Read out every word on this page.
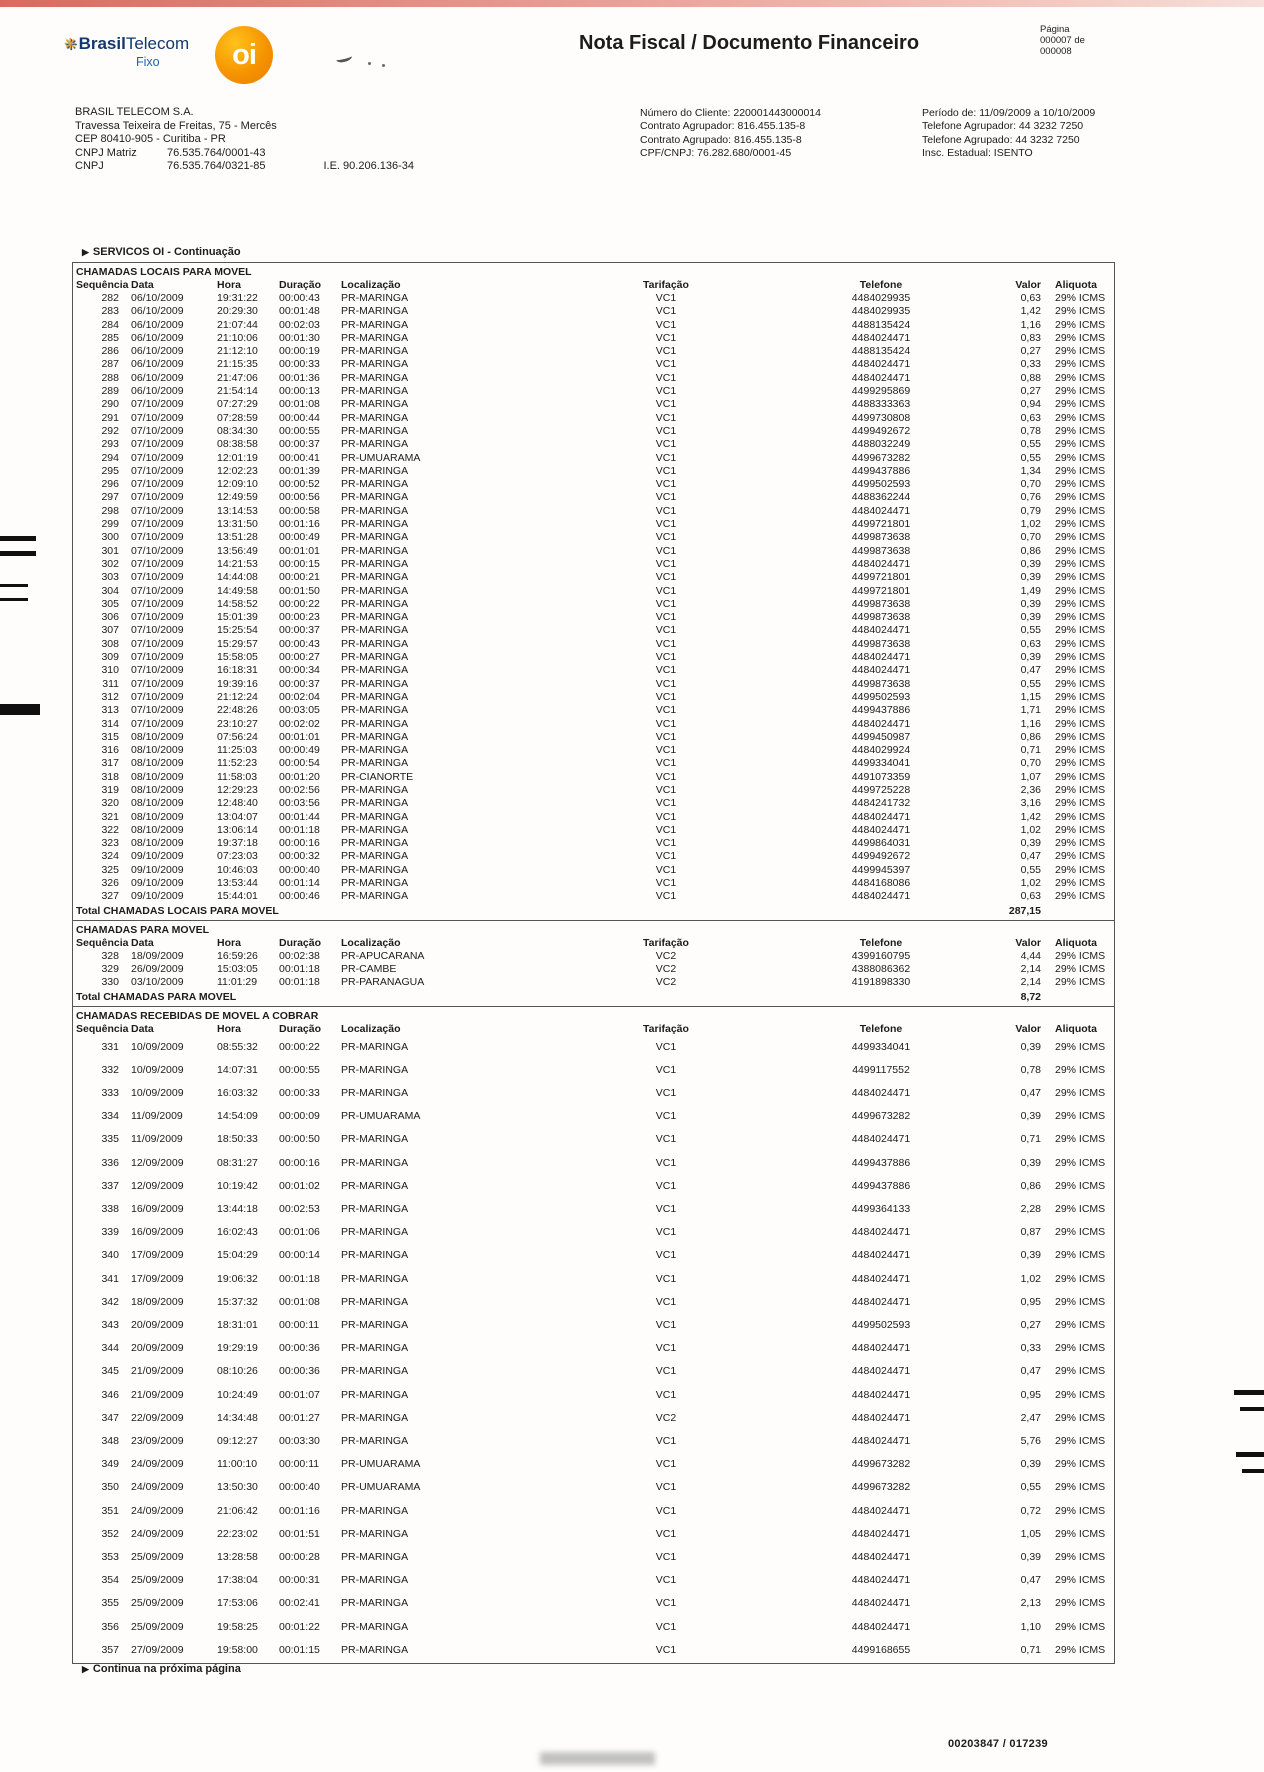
❋ BrasilTelecom
Fixo	oi	Nota Fiscal / Documento Financeiro
Página
000007 de
000008
BRASIL TELECOM S.A.
Travessa Teixeira de Freitas, 75 - Mercês
CEP 80410-905 - Curitiba - PR
CNPJ Matriz	76.535.764/0001-43
CNPJ	76.535.764/0321-85	I.E. 90.206.136-34
Número do Cliente: 220001443000014
Contrato Agrupador: 816.455.135-8
Contrato Agrupado: 816.455.135-8
CPF/CNPJ: 76.282.680/0001-45
Período de: 11/09/2009 a 10/10/2009
Telefone Agrupador: 44 3232 7250
Telefone Agrupado: 44 3232 7250
Insc. Estadual: ISENTO
▶ SERVICOS OI - Continuação
CHAMADAS LOCAIS PARA MOVEL
Sequência	Data	Hora	Duração	Localização	Tarifação	Telefone	Valor	Aliquota
282	06/10/2009	19:31:22	00:00:43	PR-MARINGA	VC1	4484029935	0,63	29% ICMS
283	06/10/2009	20:29:30	00:01:48	PR-MARINGA	VC1	4484029935	1,42	29% ICMS
284	06/10/2009	21:07:44	00:02:03	PR-MARINGA	VC1	4488135424	1,16	29% ICMS
285	06/10/2009	21:10:06	00:01:30	PR-MARINGA	VC1	4484024471	0,83	29% ICMS
286	06/10/2009	21:12:10	00:00:19	PR-MARINGA	VC1	4488135424	0,27	29% ICMS
287	06/10/2009	21:15:35	00:00:33	PR-MARINGA	VC1	4484024471	0,33	29% ICMS
288	06/10/2009	21:47:06	00:01:36	PR-MARINGA	VC1	4484024471	0,88	29% ICMS
289	06/10/2009	21:54:14	00:00:13	PR-MARINGA	VC1	4499295869	0,27	29% ICMS
290	07/10/2009	07:27:29	00:01:08	PR-MARINGA	VC1	4488333363	0,94	29% ICMS
291	07/10/2009	07:28:59	00:00:44	PR-MARINGA	VC1	4499730808	0,63	29% ICMS
292	07/10/2009	08:34:30	00:00:55	PR-MARINGA	VC1	4499492672	0,78	29% ICMS
293	07/10/2009	08:38:58	00:00:37	PR-MARINGA	VC1	4488032249	0,55	29% ICMS
294	07/10/2009	12:01:19	00:00:41	PR-UMUARAMA	VC1	4499673282	0,55	29% ICMS
295	07/10/2009	12:02:23	00:01:39	PR-MARINGA	VC1	4499437886	1,34	29% ICMS
296	07/10/2009	12:09:10	00:00:52	PR-MARINGA	VC1	4499502593	0,70	29% ICMS
297	07/10/2009	12:49:59	00:00:56	PR-MARINGA	VC1	4488362244	0,76	29% ICMS
298	07/10/2009	13:14:53	00:00:58	PR-MARINGA	VC1	4484024471	0,79	29% ICMS
299	07/10/2009	13:31:50	00:01:16	PR-MARINGA	VC1	4499721801	1,02	29% ICMS
300	07/10/2009	13:51:28	00:00:49	PR-MARINGA	VC1	4499873638	0,70	29% ICMS
301	07/10/2009	13:56:49	00:01:01	PR-MARINGA	VC1	4499873638	0,86	29% ICMS
302	07/10/2009	14:21:53	00:00:15	PR-MARINGA	VC1	4484024471	0,39	29% ICMS
303	07/10/2009	14:44:08	00:00:21	PR-MARINGA	VC1	4499721801	0,39	29% ICMS
304	07/10/2009	14:49:58	00:01:50	PR-MARINGA	VC1	4499721801	1,49	29% ICMS
305	07/10/2009	14:58:52	00:00:22	PR-MARINGA	VC1	4499873638	0,39	29% ICMS
306	07/10/2009	15:01:39	00:00:23	PR-MARINGA	VC1	4499873638	0,39	29% ICMS
307	07/10/2009	15:25:54	00:00:37	PR-MARINGA	VC1	4484024471	0,55	29% ICMS
308	07/10/2009	15:29:57	00:00:43	PR-MARINGA	VC1	4499873638	0,63	29% ICMS
309	07/10/2009	15:58:05	00:00:27	PR-MARINGA	VC1	4484024471	0,39	29% ICMS
310	07/10/2009	16:18:31	00:00:34	PR-MARINGA	VC1	4484024471	0,47	29% ICMS
311	07/10/2009	19:39:16	00:00:37	PR-MARINGA	VC1	4499873638	0,55	29% ICMS
312	07/10/2009	21:12:24	00:02:04	PR-MARINGA	VC1	4499502593	1,15	29% ICMS
313	07/10/2009	22:48:26	00:03:05	PR-MARINGA	VC1	4499437886	1,71	29% ICMS
314	07/10/2009	23:10:27	00:02:02	PR-MARINGA	VC1	4484024471	1,16	29% ICMS
315	08/10/2009	07:56:24	00:01:01	PR-MARINGA	VC1	4499450987	0,86	29% ICMS
316	08/10/2009	11:25:03	00:00:49	PR-MARINGA	VC1	4484029924	0,71	29% ICMS
317	08/10/2009	11:52:23	00:00:54	PR-MARINGA	VC1	4499334041	0,70	29% ICMS
318	08/10/2009	11:58:03	00:01:20	PR-CIANORTE	VC1	4491073359	1,07	29% ICMS
319	08/10/2009	12:29:23	00:02:56	PR-MARINGA	VC1	4499725228	2,36	29% ICMS
320	08/10/2009	12:48:40	00:03:56	PR-MARINGA	VC1	4484241732	3,16	29% ICMS
321	08/10/2009	13:04:07	00:01:44	PR-MARINGA	VC1	4484024471	1,42	29% ICMS
322	08/10/2009	13:06:14	00:01:18	PR-MARINGA	VC1	4484024471	1,02	29% ICMS
323	08/10/2009	19:37:18	00:00:16	PR-MARINGA	VC1	4499864031	0,39	29% ICMS
324	09/10/2009	07:23:03	00:00:32	PR-MARINGA	VC1	4499492672	0,47	29% ICMS
325	09/10/2009	10:46:03	00:00:40	PR-MARINGA	VC1	4499945397	0,55	29% ICMS
326	09/10/2009	13:53:44	00:01:14	PR-MARINGA	VC1	4484168086	1,02	29% ICMS
327	09/10/2009	15:44:01	00:00:46	PR-MARINGA	VC1	4484024471	0,63	29% ICMS
Total CHAMADAS LOCAIS PARA MOVEL							287,15	
CHAMADAS PARA MOVEL
Sequência	Data	Hora	Duração	Localização	Tarifação	Telefone	Valor	Aliquota
328	18/09/2009	16:59:26	00:02:38	PR-APUCARANA	VC2	4399160795	4,44	29% ICMS
329	26/09/2009	15:03:05	00:01:18	PR-CAMBE	VC2	4388086362	2,14	29% ICMS
330	03/10/2009	11:01:29	00:01:18	PR-PARANAGUA	VC2	4191898330	2,14	29% ICMS
Total CHAMADAS PARA MOVEL							8,72	
CHAMADAS RECEBIDAS DE MOVEL A COBRAR
Sequência	Data	Hora	Duração	Localização	Tarifação	Telefone	Valor	Aliquota
331	10/09/2009	08:55:32	00:00:22	PR-MARINGA	VC1	4499334041	0,39	29% ICMS
332	10/09/2009	14:07:31	00:00:55	PR-MARINGA	VC1	4499117552	0,78	29% ICMS
333	10/09/2009	16:03:32	00:00:33	PR-MARINGA	VC1	4484024471	0,47	29% ICMS
334	11/09/2009	14:54:09	00:00:09	PR-UMUARAMA	VC1	4499673282	0,39	29% ICMS
335	11/09/2009	18:50:33	00:00:50	PR-MARINGA	VC1	4484024471	0,71	29% ICMS
336	12/09/2009	08:31:27	00:00:16	PR-MARINGA	VC1	4499437886	0,39	29% ICMS
337	12/09/2009	10:19:42	00:01:02	PR-MARINGA	VC1	4499437886	0,86	29% ICMS
338	16/09/2009	13:44:18	00:02:53	PR-MARINGA	VC1	4499364133	2,28	29% ICMS
339	16/09/2009	16:02:43	00:01:06	PR-MARINGA	VC1	4484024471	0,87	29% ICMS
340	17/09/2009	15:04:29	00:00:14	PR-MARINGA	VC1	4484024471	0,39	29% ICMS
341	17/09/2009	19:06:32	00:01:18	PR-MARINGA	VC1	4484024471	1,02	29% ICMS
342	18/09/2009	15:37:32	00:01:08	PR-MARINGA	VC1	4484024471	0,95	29% ICMS
343	20/09/2009	18:31:01	00:00:11	PR-MARINGA	VC1	4499502593	0,27	29% ICMS
344	20/09/2009	19:29:19	00:00:36	PR-MARINGA	VC1	4484024471	0,33	29% ICMS
345	21/09/2009	08:10:26	00:00:36	PR-MARINGA	VC1	4484024471	0,47	29% ICMS
346	21/09/2009	10:24:49	00:01:07	PR-MARINGA	VC1	4484024471	0,95	29% ICMS
347	22/09/2009	14:34:48	00:01:27	PR-MARINGA	VC2	4484024471	2,47	29% ICMS
348	23/09/2009	09:12:27	00:03:30	PR-MARINGA	VC1	4484024471	5,76	29% ICMS
349	24/09/2009	11:00:10	00:00:11	PR-UMUARAMA	VC1	4499673282	0,39	29% ICMS
350	24/09/2009	13:50:30	00:00:40	PR-UMUARAMA	VC1	4499673282	0,55	29% ICMS
351	24/09/2009	21:06:42	00:01:16	PR-MARINGA	VC1	4484024471	0,72	29% ICMS
352	24/09/2009	22:23:02	00:01:51	PR-MARINGA	VC1	4484024471	1,05	29% ICMS
353	25/09/2009	13:28:58	00:00:28	PR-MARINGA	VC1	4484024471	0,39	29% ICMS
354	25/09/2009	17:38:04	00:00:31	PR-MARINGA	VC1	4484024471	0,47	29% ICMS
355	25/09/2009	17:53:06	00:02:41	PR-MARINGA	VC1	4484024471	2,13	29% ICMS
356	25/09/2009	19:58:25	00:01:22	PR-MARINGA	VC1	4484024471	1,10	29% ICMS
357	27/09/2009	19:58:00	00:01:15	PR-MARINGA	VC1	4499168655	0,71	29% ICMS
▶ Continua na próxima página
00203847 / 017239
